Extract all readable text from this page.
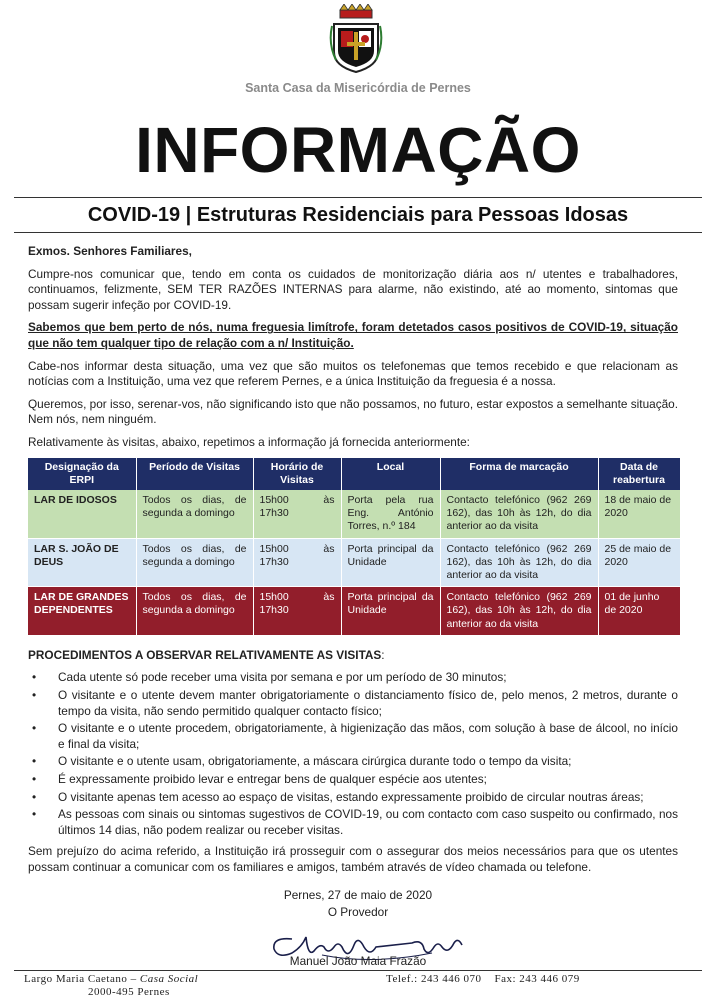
Santa Casa da Misericórdia de Pernes
INFORMAÇÃO
COVID-19 | Estruturas Residenciais para Pessoas Idosas

Exmos. Senhores Familiares,

Cumpre-nos comunicar que, tendo em conta os cuidados de monitorização diária aos n/ utentes e trabalhadores, continuamos, felizmente, SEM TER RAZÕES INTERNAS para alarme, não existindo, até ao momento, sintomas que possam sugerir infeção por COVID-19.

Sabemos que bem perto de nós, numa freguesia limítrofe, foram detetados casos positivos de COVID-19, situação que não tem qualquer tipo de relação com a n/ Instituição.

Cabe-nos informar desta situação, uma vez que são muitos os telefonemas que temos recebido e que relacionam as notícias com a Instituição, uma vez que referem Pernes, e a única Instituição da freguesia é a nossa.

Queremos, por isso, serenar-vos, não significando isto que não possamos, no futuro, estar expostos a semelhante situação. Nem nós, nem ninguém.

Relativamente às visitas, abaixo, repetimos a informação já fornecida anteriormente:

Designação da ERPI	Período de Visitas	Horário de Visitas	Local	Forma de marcação	Data de reabertura
LAR DE IDOSOS	Todos os dias, de segunda a domingo	15h00 às 17h30	Porta pela rua Eng. António Torres, n.º 184	Contacto telefónico (962 269 162), das 10h às 12h, do dia anterior ao da visita	18 de maio de 2020
LAR S. JOÃO DE DEUS	Todos os dias, de segunda a domingo	15h00 às 17h30	Porta principal da Unidade	Contacto telefónico (962 269 162), das 10h às 12h, do dia anterior ao da visita	25 de maio de 2020
LAR DE GRANDES DEPENDENTES	Todos os dias, de segunda a domingo	15h00 às 17h30	Porta principal da Unidade	Contacto telefónico (962 269 162), das 10h às 12h, do dia anterior ao da visita	01 de junho de 2020

PROCEDIMENTOS A OBSERVAR RELATIVAMENTE AS VISITAS:

• Cada utente só pode receber uma visita por semana e por um período de 30 minutos;
• O visitante e o utente devem manter obrigatoriamente o distanciamento físico de, pelo menos, 2 metros, durante o tempo da visita, não sendo permitido qualquer contacto físico;
• O visitante e o utente procedem, obrigatoriamente, à higienização das mãos, com solução à base de álcool, no início e final da visita;
• O visitante e o utente usam, obrigatoriamente, a máscara cirúrgica durante todo o tempo da visita;
• É expressamente proibido levar e entregar bens de qualquer espécie aos utentes;
• O visitante apenas tem acesso ao espaço de visitas, estando expressamente proibido de circular noutras áreas;
• As pessoas com sinais ou sintomas sugestivos de COVID-19, ou com contacto com caso suspeito ou confirmado, nos últimos 14 dias, não podem realizar ou receber visitas.

Sem prejuízo do acima referido, a Instituição irá prosseguir com o assegurar dos meios necessários para que os utentes possam continuar a comunicar com os familiares e amigos, também através de vídeo chamada ou telefone.

Pernes, 27 de maio de 2020
O Provedor
Manuel João Maia Frazão
Largo Maria Caetano – Casa Social
2000-495 Pernes
Telef.: 243 446 070    Fax: 243 446 079
